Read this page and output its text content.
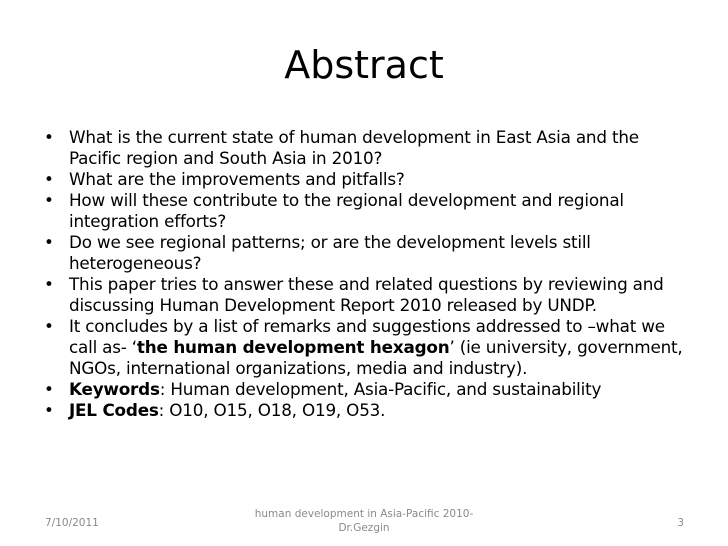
Abstract
• What is the current state of human development in East Asia and the Pacific region and South Asia in 2010?
• What are the improvements and pitfalls?
• How will these contribute to the regional development and regional integration efforts?
• Do we see regional patterns; or are the development levels still heterogeneous?
• This paper tries to answer these and related questions by reviewing and discussing Human Development Report 2010 released by UNDP.
• It concludes by a list of remarks and suggestions addressed to –what we call as- ‘the human development hexagon’ (ie university, government, NGOs, international organizations, media and industry).
• Keywords: Human development, Asia-Pacific, and sustainability
• JEL Codes: O10, O15, O18, O19, O53.
7/10/2011
human development in Asia-Pacific 2010-
Dr.Gezgin	3
